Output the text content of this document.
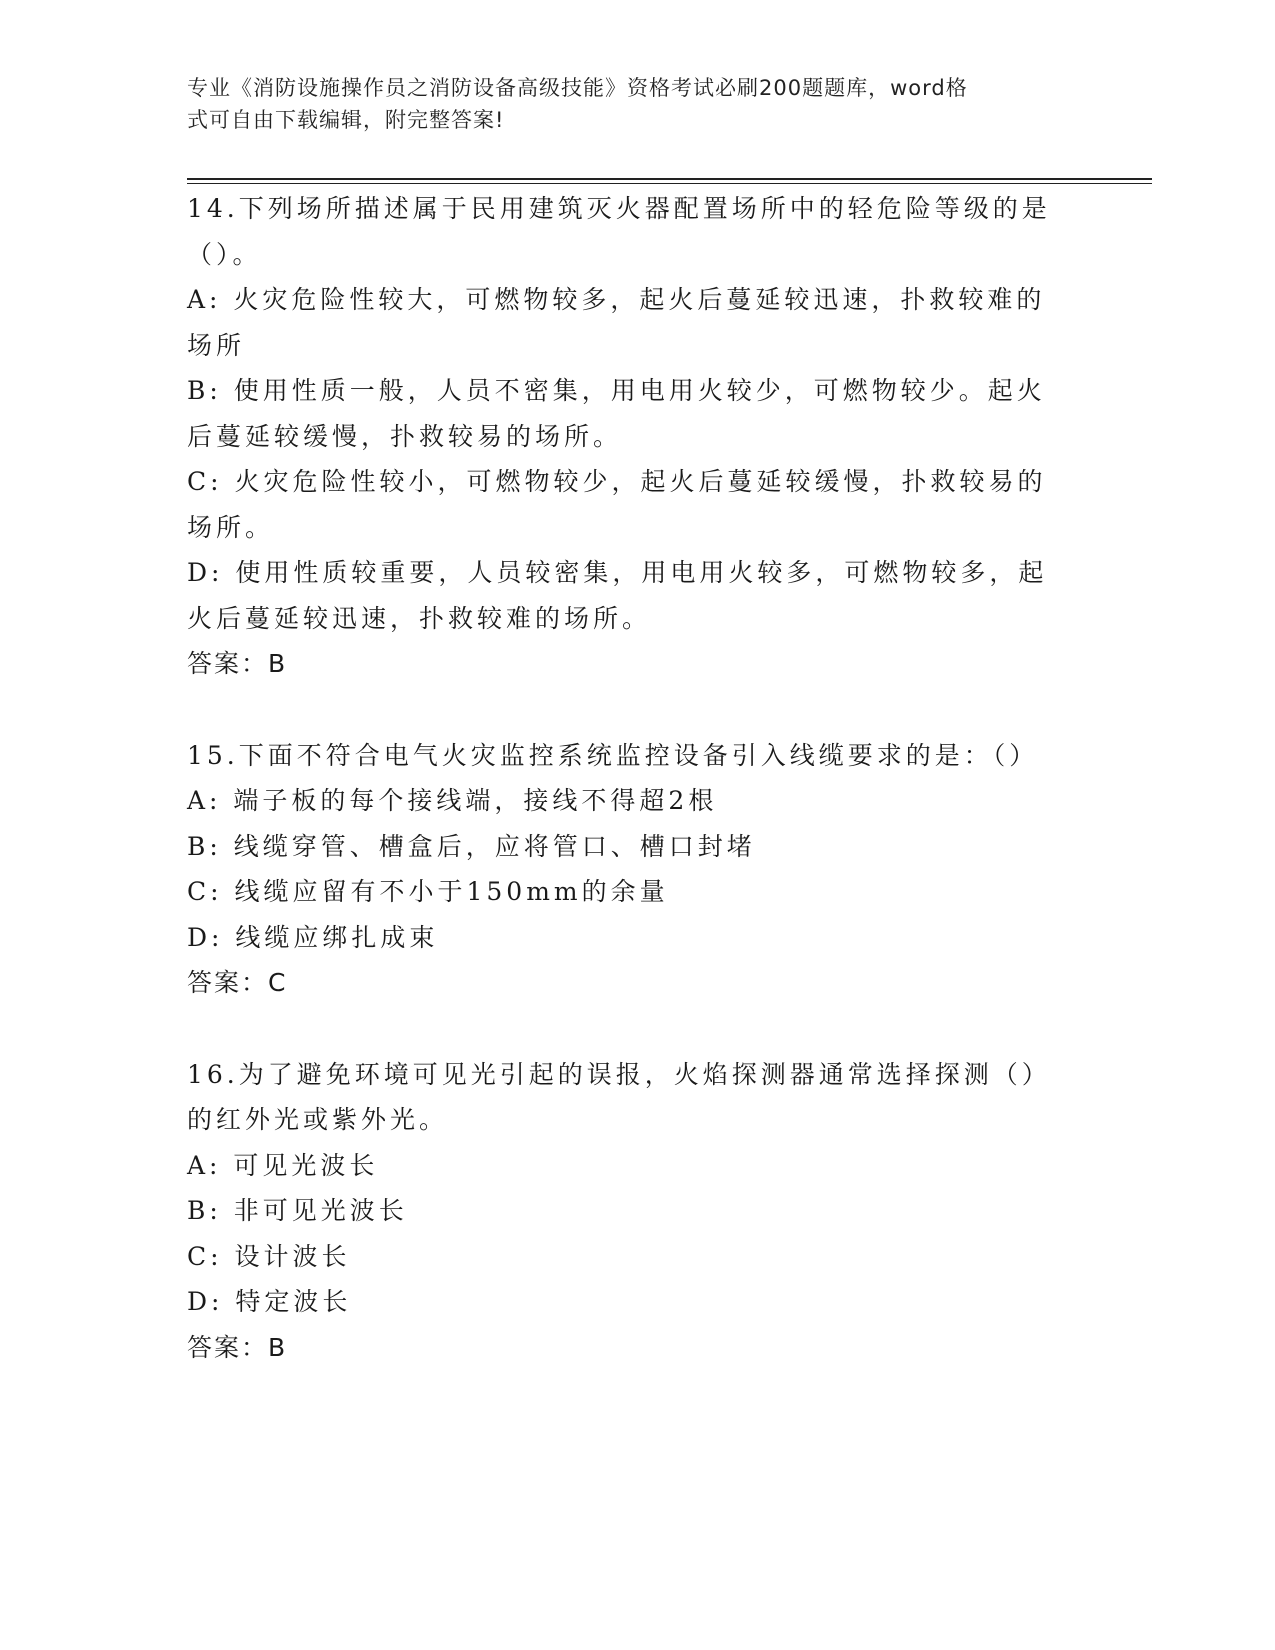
专业《消防设施操作员之消防设备高级技能》资格考试必刷200题题库，word格
式可自由下载编辑，附完整答案!
14.下列场所描述属于民用建筑灭火器配置场所中的轻危险等级的是（）。
A: 火灾危险性较大，可燃物较多，起火后蔓延较迅速，扑救较难的场所
B: 使用性质一般，人员不密集，用电用火较少，可燃物较少。起火后蔓延较缓慢，扑救较易的场所。
C: 火灾危险性较小，可燃物较少，起火后蔓延较缓慢，扑救较易的场所。
D: 使用性质较重要，人员较密集，用电用火较多，可燃物较多，起火后蔓延较迅速，扑救较难的场所。
答案：B
15.下面不符合电气火灾监控系统监控设备引入线缆要求的是：（）
A: 端子板的每个接线端，接线不得超2根
B: 线缆穿管、槽盒后，应将管口、槽口封堵
C: 线缆应留有不小于150mm的余量
D: 线缆应绑扎成束
答案：C
16.为了避免环境可见光引起的误报，火焰探测器通常选择探测（）的红外光或紫外光。
A: 可见光波长
B: 非可见光波长
C: 设计波长
D: 特定波长
答案：B
